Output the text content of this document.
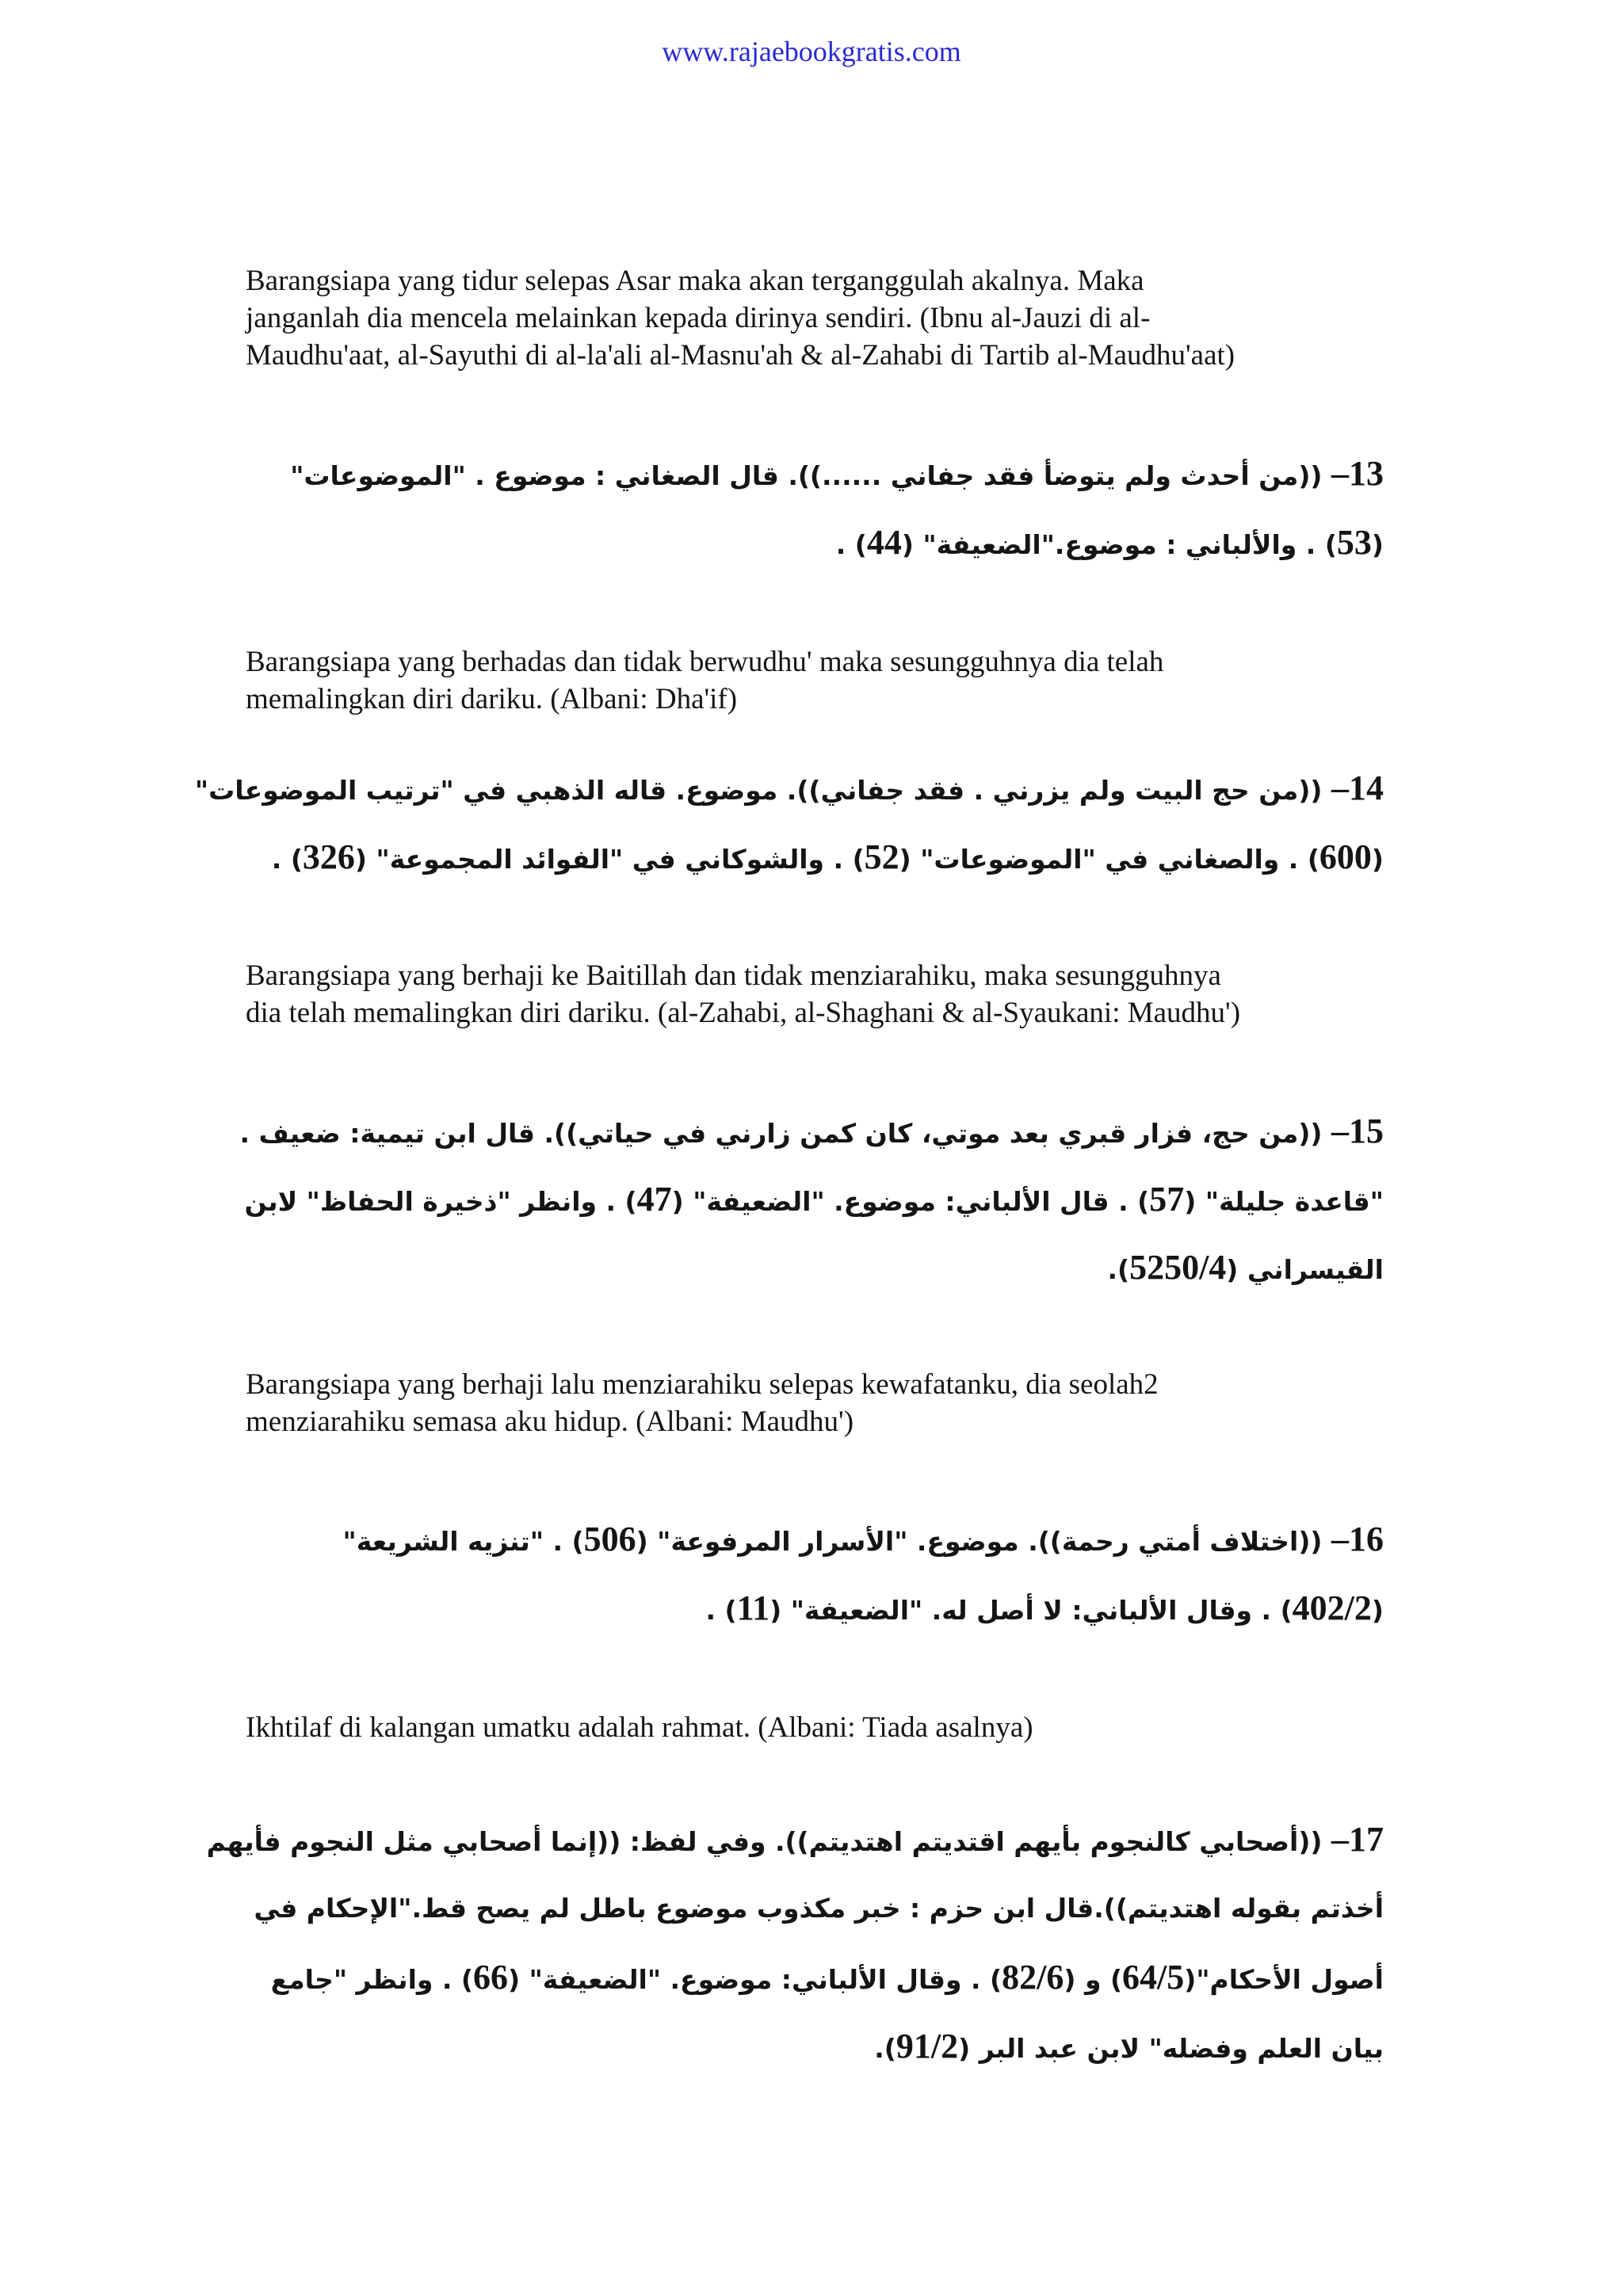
www.rajaebookgratis.com
Barangsiapa yang tidur selepas Asar maka akan terganggulah akalnya. Maka
janganlah dia mencela melainkan kepada dirinya sendiri. (Ibnu al-Jauzi di al-
Maudhu'aat, al-Sayuthi di al-la'ali al-Masnu'ah & al-Zahabi di Tartib al-Maudhu'aat)
13– ((من أحدث ولم يتوضأ فقد جفاني ......)). قال الصغاني : موضوع . "الموضوعات"
(53) . والألباني : موضوع."الضعيفة" (44) .
Barangsiapa yang berhadas dan tidak berwudhu' maka sesungguhnya dia telah
memalingkan diri dariku. (Albani: Dha'if)
14– ((من حج البيت ولم يزرني . فقد جفاني)). موضوع. قاله الذهبي في "ترتيب الموضوعات"
(600) . والصغاني في "الموضوعات" (52) . والشوكاني في "الفوائد المجموعة" (326) .
Barangsiapa yang berhaji ke Baitillah dan tidak menziarahiku, maka sesungguhnya
dia telah memalingkan diri dariku. (al-Zahabi, al-Shaghani & al-Syaukani: Maudhu')
15– ((من حج، فزار قبري بعد موتي، كان كمن زارني في حياتي)). قال ابن تيمية: ضعيف .
"قاعدة جليلة" (57) . قال الألباني: موضوع. "الضعيفة" (47) . وانظر "ذخيرة الحفاظ" لابن
القيسراني (5250/4).
Barangsiapa yang berhaji lalu menziarahiku selepas kewafatanku, dia seolah2
menziarahiku semasa aku hidup. (Albani: Maudhu')
16– ((اختلاف أمتي رحمة)). موضوع. "الأسرار المرفوعة" (506) . "تنزيه الشريعة"
(402/2) . وقال الألباني: لا أصل له. "الضعيفة" (11) .
Ikhtilaf di kalangan umatku adalah rahmat. (Albani: Tiada asalnya)
17– ((أصحابي كالنجوم بأيهم اقتديتم اهتديتم)). وفي لفظ: ((إنما أصحابي مثل النجوم فأيهم
أخذتم بقوله اهتديتم)).قال ابن حزم : خبر مكذوب موضوع باطل لم يصح قط."الإحكام في
أصول الأحكام"(64/5) و (82/6) . وقال الألباني: موضوع. "الضعيفة" (66) . وانظر "جامع
بيان العلم وفضله" لابن عبد البر (91/2).
